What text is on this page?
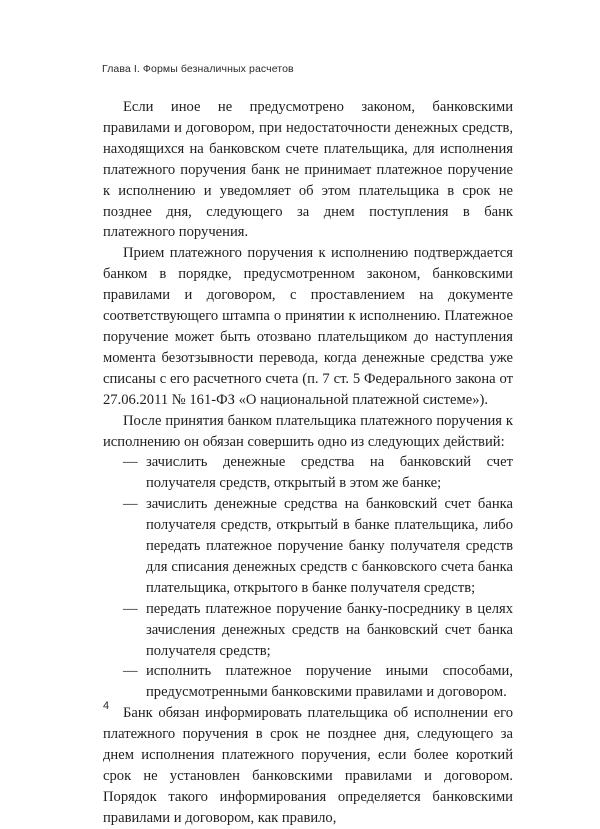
Глава I. Формы безналичных расчетов

Если иное не предусмотрено законом, банковскими правилами и договором, при недостаточности денежных средств, находящихся на банковском счете плательщика, для исполнения платежного поручения банк не принимает платежное поручение к исполнению и уведомляет об этом плательщика в срок не позднее дня, следующего за днем поступления в банк платежного поручения.

Прием платежного поручения к исполнению подтверждается банком в порядке, предусмотренном законом, банковскими правилами и договором, с проставлением на документе соответствующего штампа о принятии к исполнению. Платежное поручение может быть отозвано плательщиком до наступления момента безотзывности перевода, когда денежные средства уже списаны с его расчетного счета (п. 7 ст. 5 Федерального закона от 27.06.2011 № 161-ФЗ «О национальной платежной системе»).

После принятия банком плательщика платежного поручения к исполнению он обязан совершить одно из следующих действий:

— зачислить денежные средства на банковский счет получателя средств, открытый в этом же банке;
— зачислить денежные средства на банковский счет банка получателя средств, открытый в банке плательщика, либо передать платежное поручение банку получателя средств для списания денежных средств с банковского счета банка плательщика, открытого в банке получателя средств;
— передать платежное поручение банку-посреднику в целях зачисления денежных средств на банковский счет банка получателя средств;
— исполнить платежное поручение иными способами, предусмотренными банковскими правилами и договором.

Банк обязан информировать плательщика об исполнении его платежного поручения в срок не позднее дня, следующего за днем исполнения платежного поручения, если более короткий срок не установлен банковскими правилами и договором. Порядок такого информирования определяется банковскими правилами и договором, как правило,

4
